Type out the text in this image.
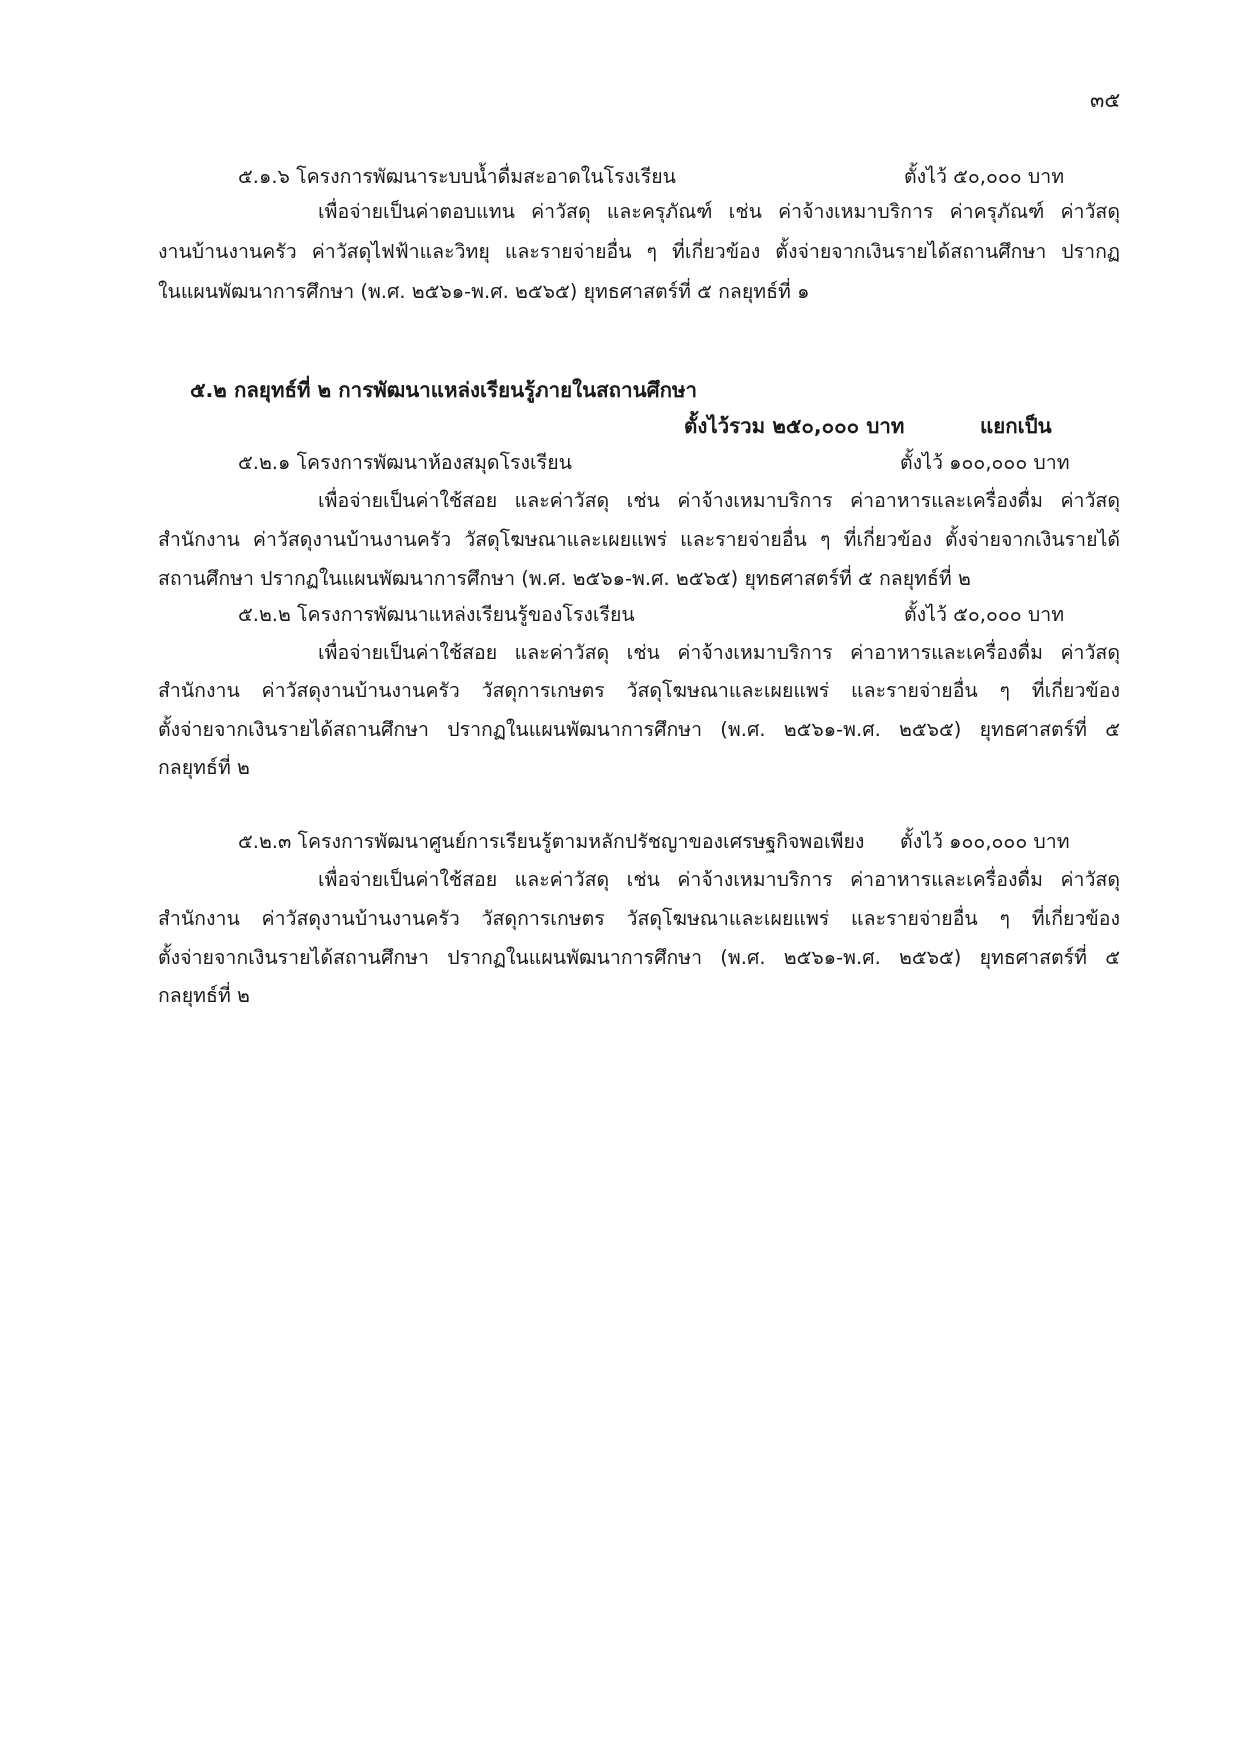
๓๕
๕.๑.๖ โครงการพัฒนาระบบน้ำดื่มสะอาดในโรงเรียน	ตั้งไว้ ๕๐,๐๐๐ บาท
เพื่อจ่ายเป็นค่าตอบแทน ค่าวัสดุ และครุภัณฑ์ เช่น ค่าจ้างเหมาบริการ ค่าครุภัณฑ์ ค่าวัสดุ
งานบ้านงานครัว ค่าวัสดุไฟฟ้าและวิทยุ และรายจ่ายอื่น ๆ ที่เกี่ยวข้อง ตั้งจ่ายจากเงินรายได้สถานศึกษา ปรากฏ
ในแผนพัฒนาการศึกษา (พ.ศ. ๒๕๖๑-พ.ศ. ๒๕๖๕) ยุทธศาสตร์ที่ ๕ กลยุทธ์ที่ ๑
๕.๒ กลยุทธ์ที่ ๒ การพัฒนาแหล่งเรียนรู้ภายในสถานศึกษา
ตั้งไว้รวม ๒๕๐,๐๐๐ บาท	แยกเป็น
๕.๒.๑ โครงการพัฒนาห้องสมุดโรงเรียน	ตั้งไว้ ๑๐๐,๐๐๐ บาท
เพื่อจ่ายเป็นค่าใช้สอย และค่าวัสดุ เช่น ค่าจ้างเหมาบริการ ค่าอาหารและเครื่องดื่ม ค่าวัสดุ
สำนักงาน ค่าวัสดุงานบ้านงานครัว วัสดุโฆษณาและเผยแพร่ และรายจ่ายอื่น ๆ ที่เกี่ยวข้อง ตั้งจ่ายจากเงินรายได้
สถานศึกษา ปรากฏในแผนพัฒนาการศึกษา (พ.ศ. ๒๕๖๑-พ.ศ. ๒๕๖๕) ยุทธศาสตร์ที่ ๕ กลยุทธ์ที่ ๒
๕.๒.๒ โครงการพัฒนาแหล่งเรียนรู้ของโรงเรียน	ตั้งไว้ ๕๐,๐๐๐ บาท
เพื่อจ่ายเป็นค่าใช้สอย และค่าวัสดุ เช่น ค่าจ้างเหมาบริการ ค่าอาหารและเครื่องดื่ม ค่าวัสดุ
สำนักงาน ค่าวัสดุงานบ้านงานครัว วัสดุการเกษตร วัสดุโฆษณาและเผยแพร่ และรายจ่ายอื่น ๆ ที่เกี่ยวข้อง
ตั้งจ่ายจากเงินรายได้สถานศึกษา ปรากฏในแผนพัฒนาการศึกษา (พ.ศ. ๒๕๖๑-พ.ศ. ๒๕๖๕) ยุทธศาสตร์ที่ ๕
กลยุทธ์ที่ ๒
๕.๒.๓ โครงการพัฒนาศูนย์การเรียนรู้ตามหลักปรัชญาของเศรษฐกิจพอเพียง ตั้งไว้ ๑๐๐,๐๐๐ บาท
เพื่อจ่ายเป็นค่าใช้สอย และค่าวัสดุ เช่น ค่าจ้างเหมาบริการ ค่าอาหารและเครื่องดื่ม ค่าวัสดุ
สำนักงาน ค่าวัสดุงานบ้านงานครัว วัสดุการเกษตร วัสดุโฆษณาและเผยแพร่ และรายจ่ายอื่น ๆ ที่เกี่ยวข้อง
ตั้งจ่ายจากเงินรายได้สถานศึกษา ปรากฏในแผนพัฒนาการศึกษา (พ.ศ. ๒๕๖๑-พ.ศ. ๒๕๖๕) ยุทธศาสตร์ที่ ๕
กลยุทธ์ที่ ๒
